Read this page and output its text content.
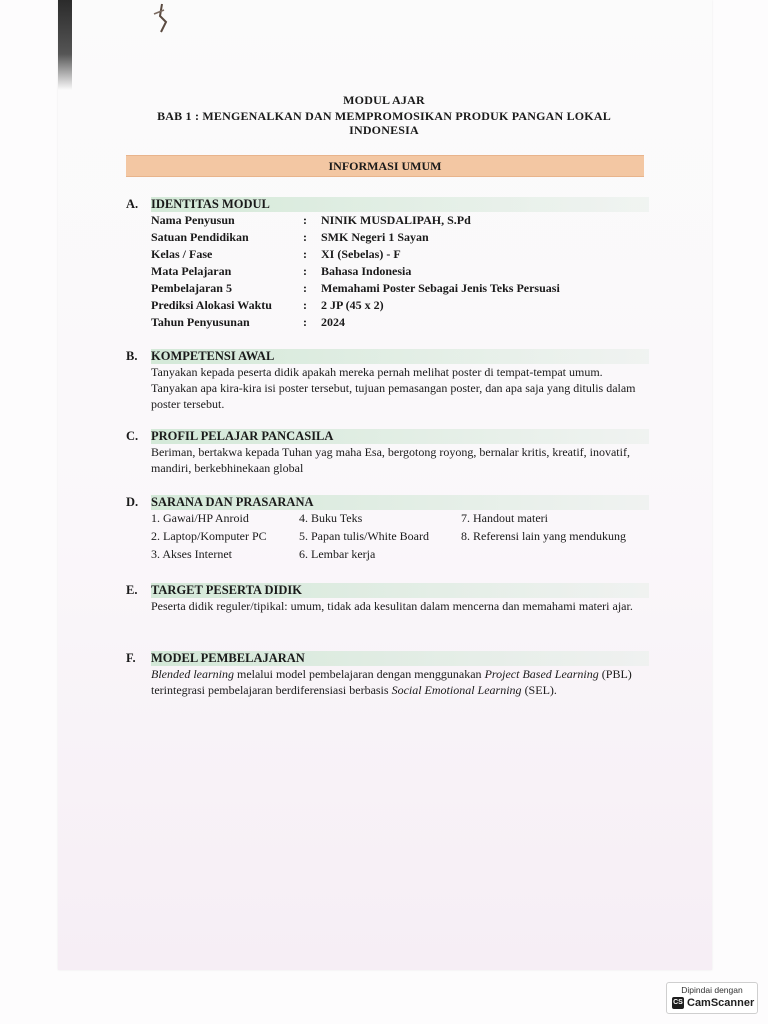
MODUL AJAR
BAB 1 : MENGENALKAN DAN MEMPROMOSIKAN PRODUK PANGAN LOKAL
INDONESIA
INFORMASI UMUM
A.	IDENTITAS MODUL
Nama Penyusun	:	NINIK MUSDALIPAH, S.Pd
Satuan Pendidikan	:	SMK Negeri 1 Sayan
Kelas / Fase	:	XI (Sebelas) - F
Mata Pelajaran	:	Bahasa Indonesia
Pembelajaran 5	:	Memahami Poster Sebagai Jenis Teks Persuasi
Prediksi Alokasi Waktu	:	2 JP (45 x 2)
Tahun Penyusunan	:	2024
B.	KOMPETENSI AWAL
Tanyakan kepada peserta didik apakah mereka pernah melihat poster di tempat-tempat umum. Tanyakan apa kira-kira isi poster tersebut, tujuan pemasangan poster, dan apa saja yang ditulis dalam poster tersebut.
C.	PROFIL PELAJAR PANCASILA
Beriman, bertakwa kepada Tuhan yag maha Esa, bergotong royong, bernalar kritis, kreatif, inovatif, mandiri, berkebhinekaan global
D.	SARANA DAN PRASARANA
1. Gawai/HP Anroid	4. Buku Teks	7. Handout materi
2. Laptop/Komputer PC	5. Papan tulis/White Board	8. Referensi lain yang mendukung
3. Akses Internet	6. Lembar kerja
E.	TARGET PESERTA DIDIK
Peserta didik reguler/tipikal: umum, tidak ada kesulitan dalam mencerna dan memahami materi ajar.
F.	MODEL PEMBELAJARAN
Blended learning melalui model pembelajaran dengan menggunakan Project Based Learning (PBL) terintegrasi pembelajaran berdiferensiasi berbasis Social Emotional Learning (SEL).
Dipindai dengan
CS CamScanner
